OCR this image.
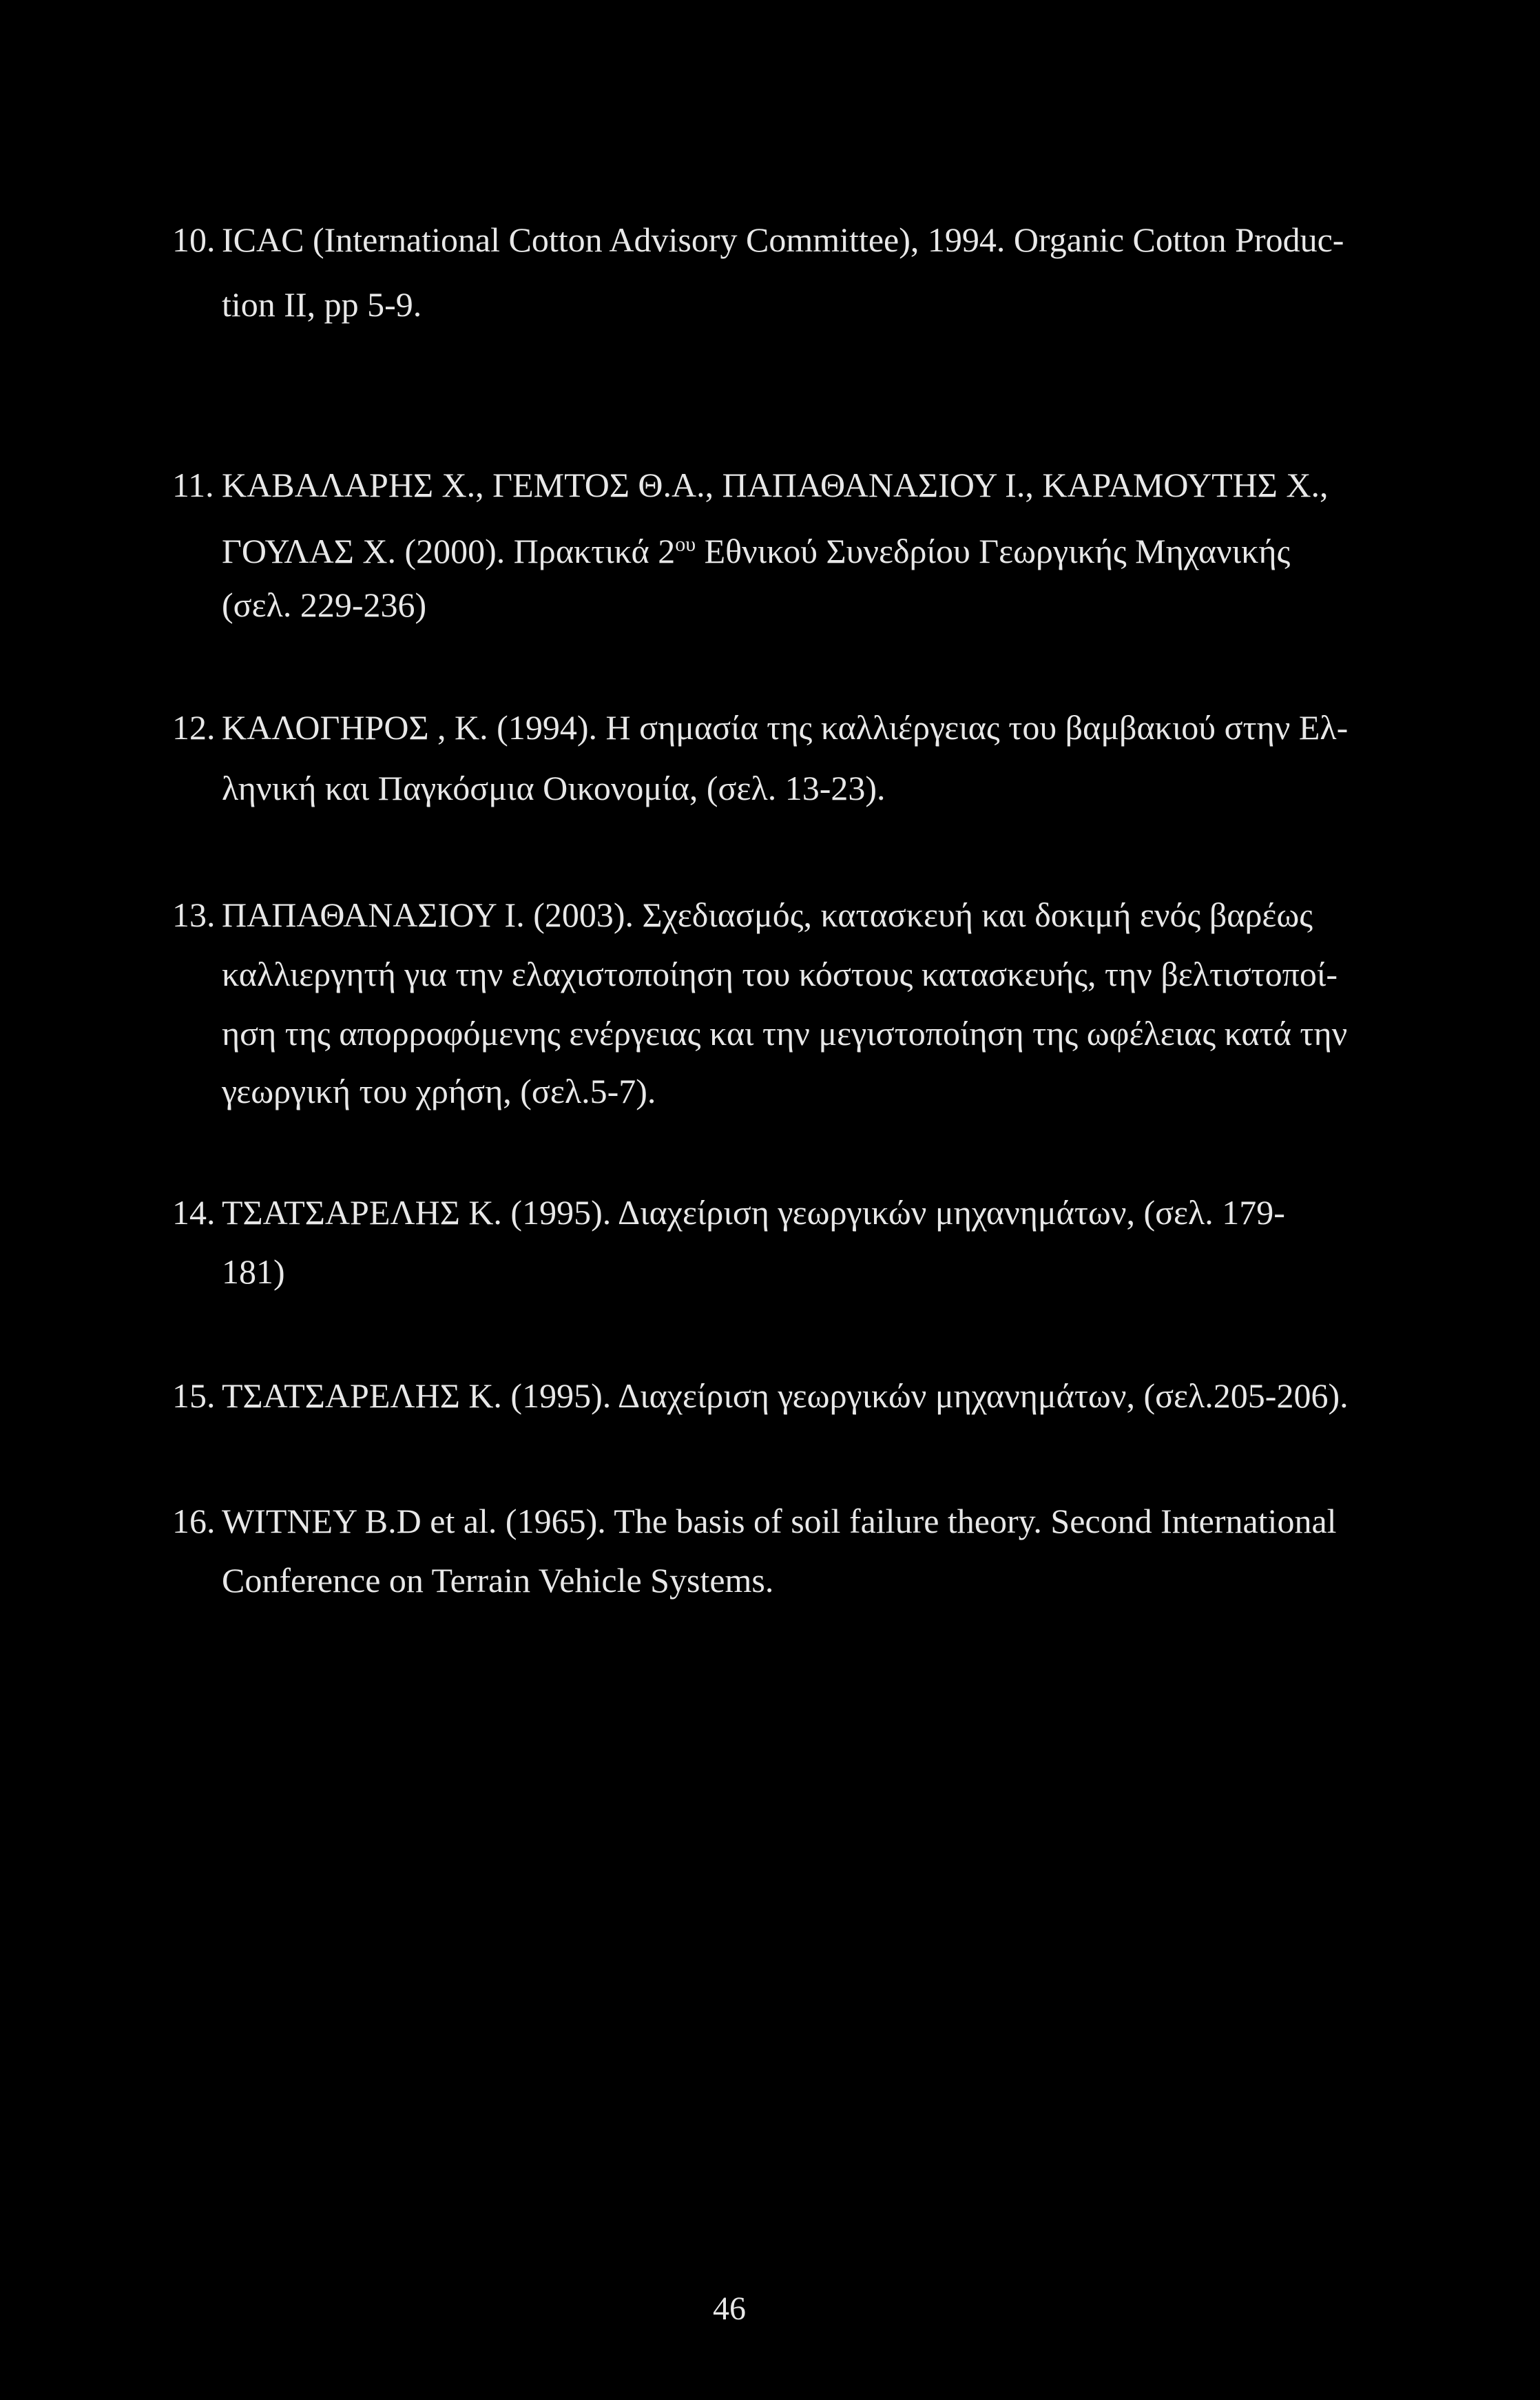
10. ICAC (International Cotton Advisory Committee), 1994. Organic Cotton Produc-
tion II, pp 5-9.
11. ΚΑΒΑΛΑΡΗΣ Χ., ΓΕΜΤΟΣ Θ.Α., ΠΑΠΑΘΑΝΑΣΙΟΥ Ι., ΚΑΡΑΜΟΥΤΗΣ Χ.,
ΓΟΥΛΑΣ Χ. (2000). Πρακτικά $2^{o\upsilon}$ Εθνικού Συνεδρίου Γεωργικής Μηχανικής
(σελ. 229-236)
12. ΚΑΛΟΓΗΡΟΣ , Κ. (1994). Η σημασία της καλλιέργειας του βαμβακιού στην Ελ-
ληνική και Παγκόσμια Οικονομία, (σελ. 13-23).
13. ΠΑΠΑΘΑΝΑΣΙΟΥ Ι. (2003). Σχεδιασμός, κατασκευή και δοκιμή ενός βαρέως
καλλιεργητή για την ελαχιστοποίηση του κόστους κατασκευής, την βελτιστοποί-
ηση της απορροφόμενης ενέργειας και την μεγιστοποίηση της ωφέλειας κατά την
γεωργική του χρήση, (σελ.5-7).
14. ΤΣΑΤΣΑΡΕΛΗΣ Κ. (1995). Διαχείριση γεωργικών μηχανημάτων, (σελ. 179-
181)
15. ΤΣΑΤΣΑΡΕΛΗΣ Κ. (1995). Διαχείριση γεωργικών μηχανημάτων, (σελ.205-206).
16. WITNEY B.D et al. (1965). The basis of soil failure theory. Second International
Conference on Terrain Vehicle Systems.
46
